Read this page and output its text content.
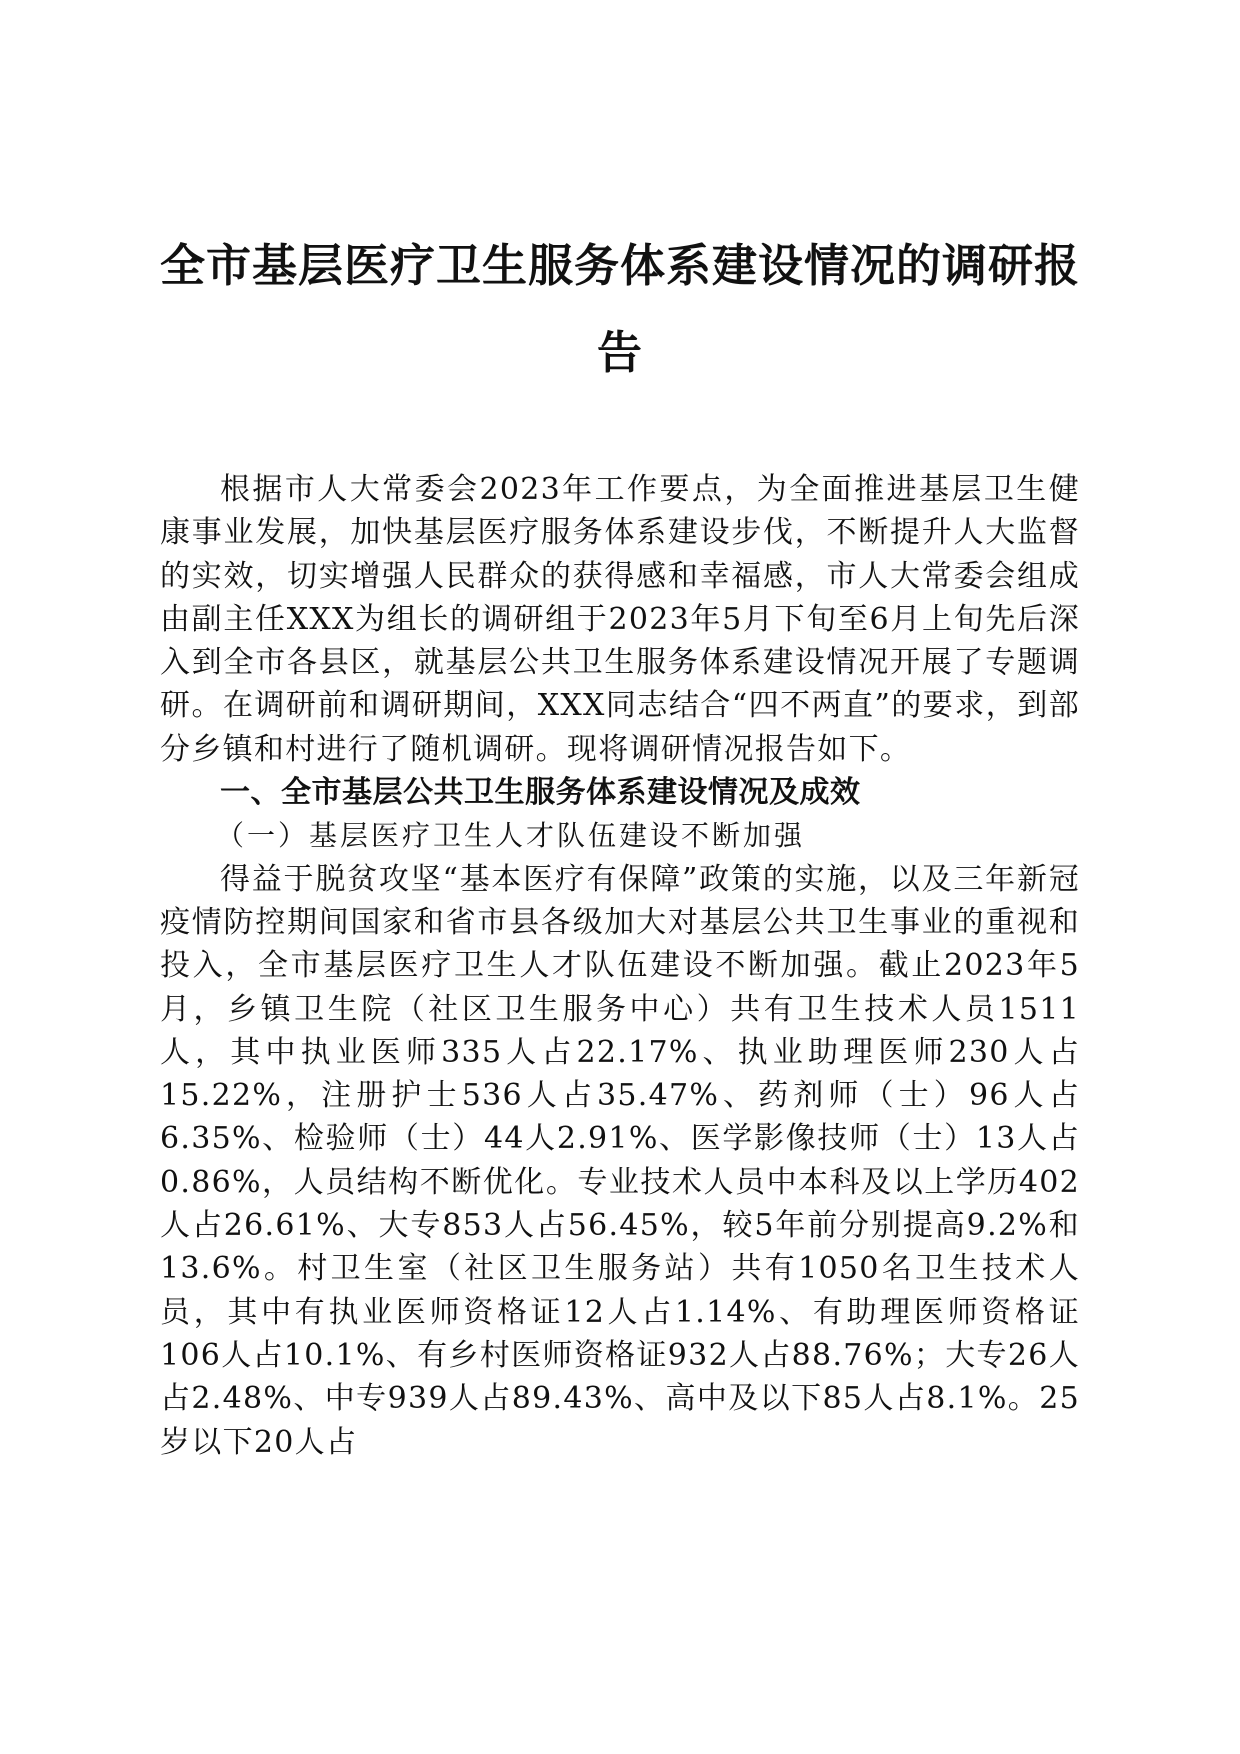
全市基层医疗卫生服务体系建设情况的调研报告

根据市人大常委会2023年工作要点，为全面推进基层卫生健康事业发展，加快基层医疗服务体系建设步伐，不断提升人大监督的实效，切实增强人民群众的获得感和幸福感，市人大常委会组成由副主任XXX为组长的调研组于2023年5月下旬至6月上旬先后深入到全市各县区，就基层公共卫生服务体系建设情况开展了专题调研。在调研前和调研期间，XXX同志结合“四不两直”的要求，到部分乡镇和村进行了随机调研。现将调研情况报告如下。

一、全市基层公共卫生服务体系建设情况及成效

（一）基层医疗卫生人才队伍建设不断加强

得益于脱贫攻坚“基本医疗有保障”政策的实施，以及三年新冠疫情防控期间国家和省市县各级加大对基层公共卫生事业的重视和投入，全市基层医疗卫生人才队伍建设不断加强。截止2023年5月，乡镇卫生院（社区卫生服务中心）共有卫生技术人员1511人，其中执业医师335人占22.17%、执业助理医师230人占15.22%，注册护士536人占35.47%、药剂师（士）96人占6.35%、检验师（士）44人2.91%、医学影像技师（士）13人占0.86%，人员结构不断优化。专业技术人员中本科及以上学历402人占26.61%、大专853人占56.45%，较5年前分别提高9.2%和13.6%。村卫生室（社区卫生服务站）共有1050名卫生技术人员，其中有执业医师资格证12人占1.14%、有助理医师资格证106人占10.1%、有乡村医师资格证932人占88.76%；大专26人占2.48%、中专939人占89.43%、高中及以下85人占8.1%。25岁以下20人占
